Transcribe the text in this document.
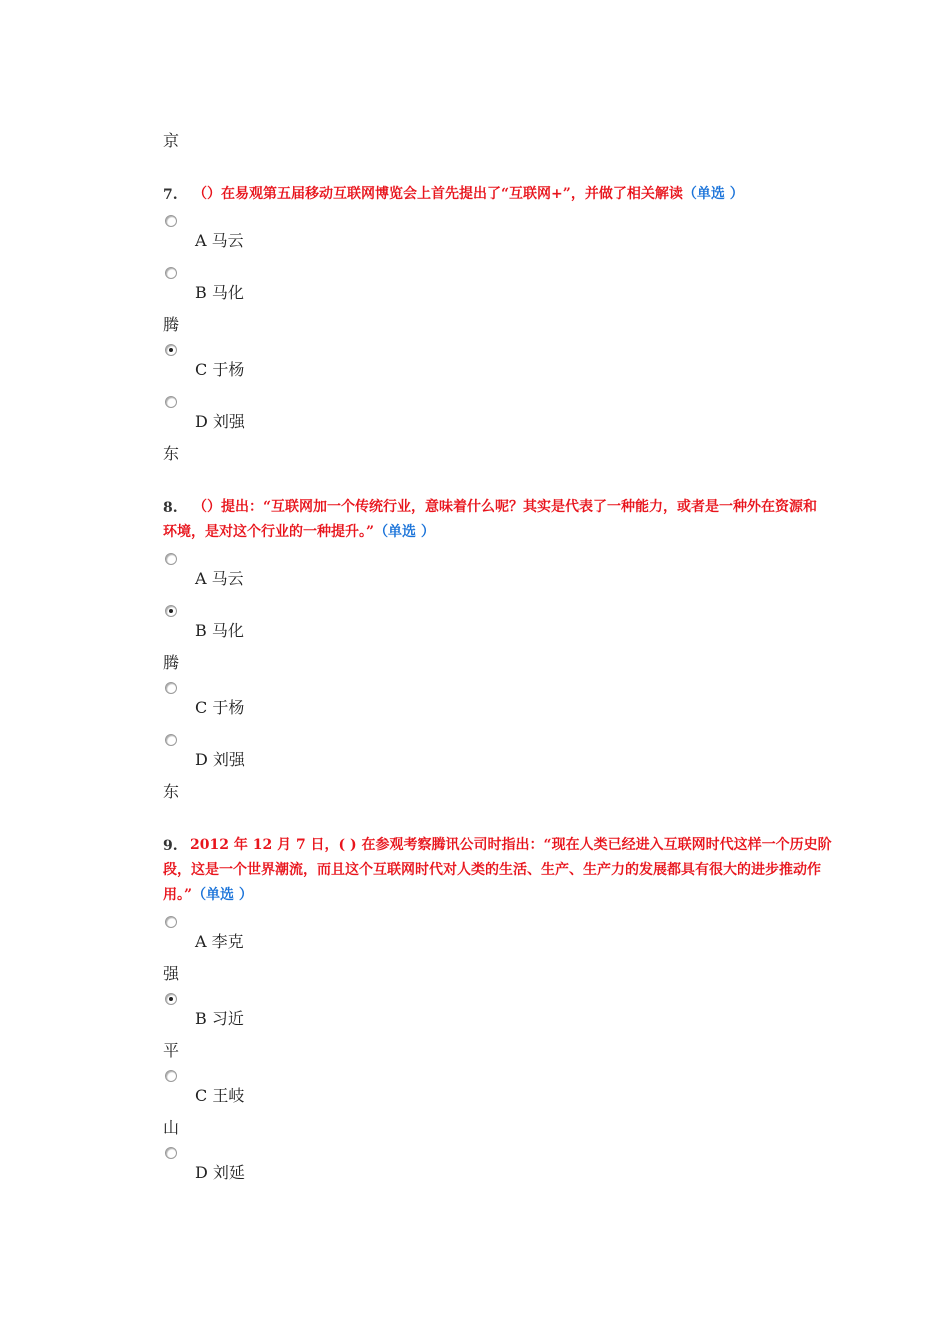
京
7. （）在易观第五届移动互联网博览会上首先提出了“互联网+”，并做了相关解读（单选 ）
A 马云
B 马化
腾
C 于杨
D 刘强
东
8. （）提出：“互联网加一个传统行业，意味着什么呢？其实是代表了一种能力，或者是一种外在资源和
环境，是对这个行业的一种提升。”（单选 ）
A 马云
B 马化
腾
C 于杨
D 刘强
东
9. 2012 年 12 月 7 日，( ) 在参观考察腾讯公司时指出：“现在人类已经进入互联网时代这样一个历史阶
段，这是一个世界潮流，而且这个互联网时代对人类的生活、生产、生产力的发展都具有很大的进步推动作
用。”（单选 ）
A 李克
强
B 习近
平
C 王岐
山
D 刘延
